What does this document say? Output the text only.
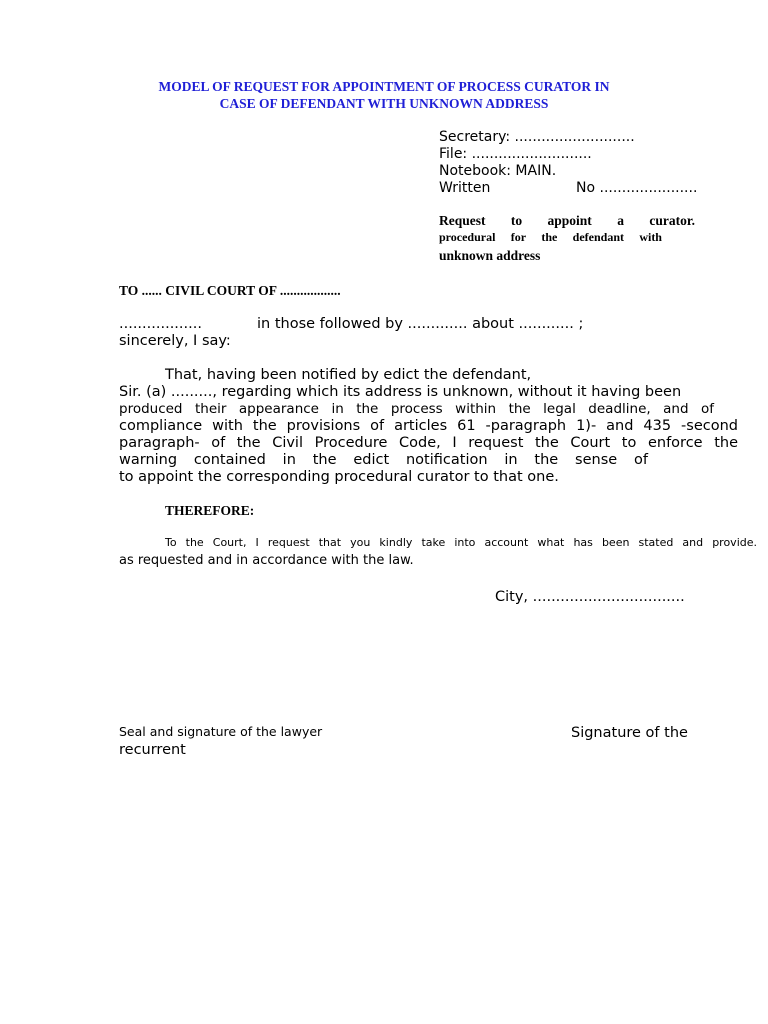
MODEL OF REQUEST FOR APPOINTMENT OF PROCESS CURATOR IN
CASE OF DEFENDANT WITH UNKNOWN ADDRESS
Secretary: ...........................
File: ...........................
Notebook: MAIN.
Written	No ......................
Request to appoint a curator.
procedural for the defendant with
unknown address
TO ...... CIVIL COURT OF ..................
..................	in those followed by ............. about ............ ;
sincerely, I say:
That, having been notified by edict the defendant,
Sir. (a) ........., regarding which its address is unknown, without it having been
produced their appearance in the process within the legal deadline, and of
compliance with the provisions of articles 61 -paragraph 1)- and 435 -second
paragraph- of the Civil Procedure Code, I request the Court to enforce the
warning contained in the edict notification in the sense of
to appoint the corresponding procedural curator to that one.
THEREFORE:
To the Court, I request that you kindly take into account what has been stated and provide.
as requested and in accordance with the law.
City, .................................
Seal and signature of the lawyer	Signature of the
recurrent
